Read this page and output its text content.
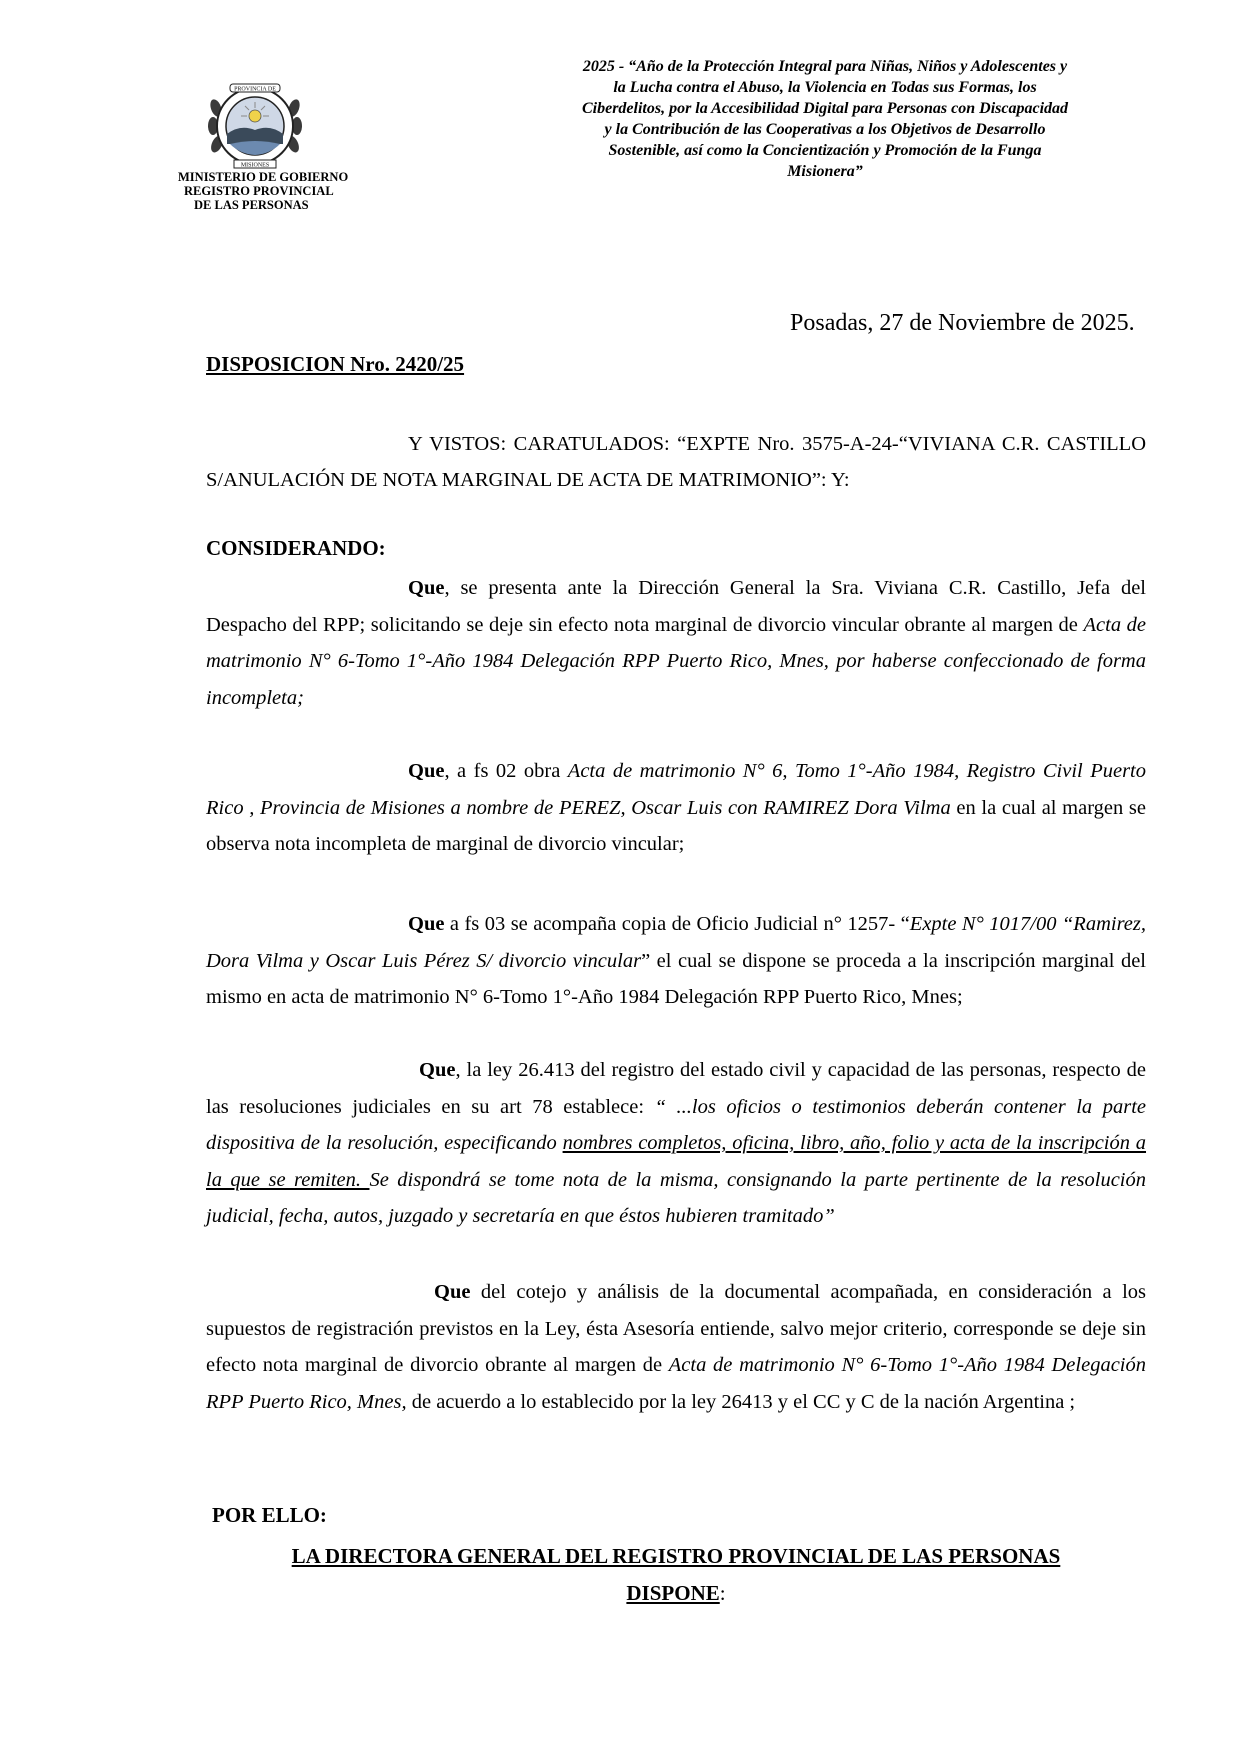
PROVINCIA DE
MISIONES
MINISTERIO DE GOBIERNO
REGISTRO PROVINCIAL
DE LAS PERSONAS
2025 - “Año de la Protección Integral para Niñas, Niños y Adolescentes y
la Lucha contra el Abuso, la Violencia en Todas sus Formas, los
Ciberdelitos, por la Accesibilidad Digital para Personas con Discapacidad
y la Contribución de las Cooperativas a los Objetivos de Desarrollo
Sostenible, así como la Concientización y Promoción de la Funga
Misionera”
Posadas, 27 de Noviembre de 2025.
DISPOSICION Nro. 2420/25
Y VISTOS: CARATULADOS: “EXPTE Nro. 3575-A-24-“VIVIANA C.R. CASTILLO S/ANULACIÓN DE NOTA MARGINAL DE ACTA DE MATRIMONIO”: Y:
CONSIDERANDO:
Que, se presenta ante la Dirección General la Sra. Viviana C.R. Castillo, Jefa del Despacho del RPP; solicitando se deje sin efecto nota marginal de divorcio vincular obrante al margen de Acta de matrimonio N° 6-Tomo 1°-Año 1984 Delegación RPP Puerto Rico, Mnes, por haberse confeccionado de forma incompleta;
Que, a fs 02 obra Acta de matrimonio N° 6, Tomo 1°-Año 1984, Registro Civil Puerto Rico , Provincia de Misiones a nombre de PEREZ, Oscar Luis con RAMIREZ Dora Vilma en la cual al margen se observa nota incompleta de marginal de divorcio vincular;
Que a fs 03 se acompaña copia de Oficio Judicial n° 1257- “Expte N° 1017/00 “Ramirez, Dora Vilma y Oscar Luis Pérez S/ divorcio vincular” el cual se dispone se proceda a la inscripción marginal del mismo en acta de matrimonio N° 6-Tomo 1°-Año 1984 Delegación RPP Puerto Rico, Mnes;
Que, la ley 26.413 del registro del estado civil y capacidad de las personas, respecto de las resoluciones judiciales en su art 78 establece: “ ...los oficios o testimonios deberán contener la parte dispositiva de la resolución, especificando nombres completos, oficina, libro, año, folio y acta de la inscripción a la que se remiten. Se dispondrá se tome nota de la misma, consignando la parte pertinente de la resolución judicial, fecha, autos, juzgado y secretaría en que éstos hubieren tramitado”
Que del cotejo y análisis de la documental acompañada, en consideración a los supuestos de registración previstos en la Ley, ésta Asesoría entiende, salvo mejor criterio, corresponde se deje sin efecto nota marginal de divorcio obrante al margen de Acta de matrimonio N° 6-Tomo 1°-Año 1984 Delegación RPP Puerto Rico, Mnes, de acuerdo a lo establecido por la ley 26413 y el CC y C de la nación Argentina ;
POR ELLO:
LA DIRECTORA GENERAL DEL REGISTRO PROVINCIAL DE LAS PERSONAS
DISPONE:
